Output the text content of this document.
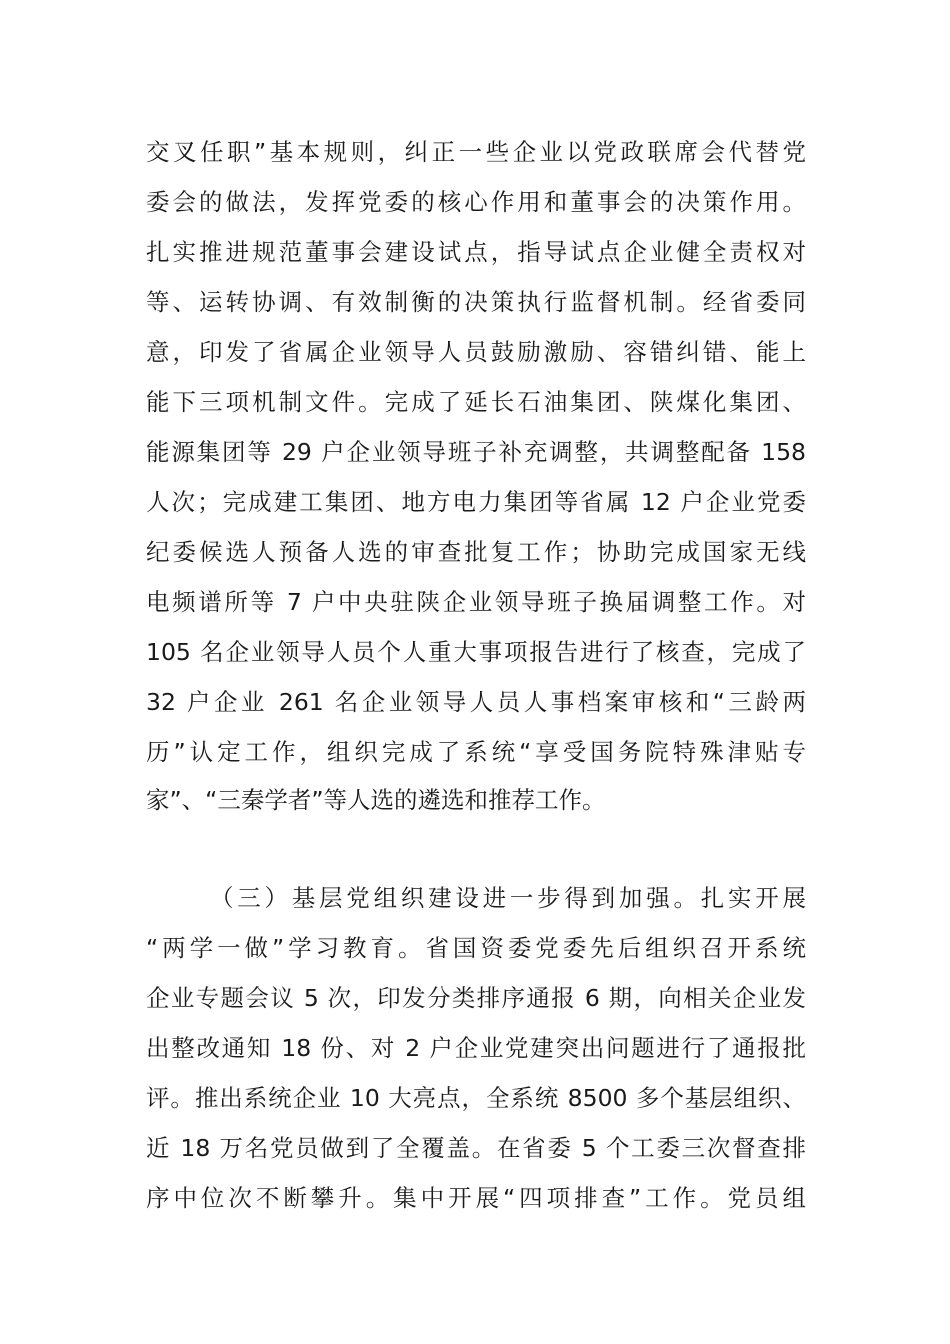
交叉任职”基本规则，纠正一些企业以党政联席会代替党
委会的做法，发挥党委的核心作用和董事会的决策作用。
扎实推进规范董事会建设试点，指导试点企业健全责权对
等、运转协调、有效制衡的决策执行监督机制。经省委同
意，印发了省属企业领导人员鼓励激励、容错纠错、能上
能下三项机制文件。完成了延长石油集团、陕煤化集团、
能源集团等 29 户企业领导班子补充调整，共调整配备 158
人次；完成建工集团、地方电力集团等省属 12 户企业党委
纪委候选人预备人选的审查批复工作；协助完成国家无线
电频谱所等 7 户中央驻陕企业领导班子换届调整工作。对
105 名企业领导人员个人重大事项报告进行了核查，完成了
32 户企业 261 名企业领导人员人事档案审核和“三龄两
历”认定工作，组织完成了系统“享受国务院特殊津贴专
家”、“三秦学者”等人选的遴选和推荐工作。
（三）基层党组织建设进一步得到加强。扎实开展
“两学一做”学习教育。省国资委党委先后组织召开系统
企业专题会议 5 次，印发分类排序通报 6 期，向相关企业发
出整改通知 18 份、对 2 户企业党建突出问题进行了通报批
评。推出系统企业 10 大亮点，全系统 8500 多个基层组织、
近 18 万名党员做到了全覆盖。在省委 5 个工委三次督查排
序中位次不断攀升。集中开展“四项排查”工作。党员组
